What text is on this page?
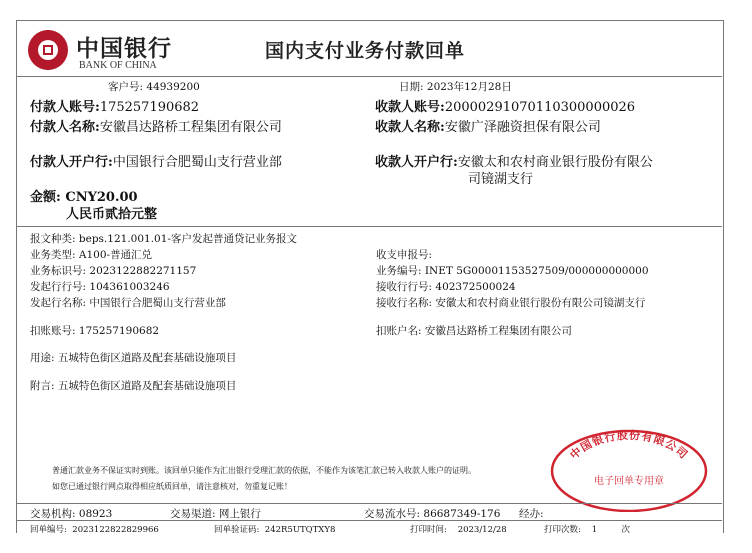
中国银行
BANK OF CHINA
国内支付业务付款回单
客户号: 44939200	日期: 2023年12月28日
付款人账号:175257190682
付款人名称:安徽昌达路桥工程集团有限公司
付款人开户行:中国银行合肥蜀山支行营业部
收款人账号:20000291070110300000026
收款人名称:安徽广泽融资担保有限公司
收款人开户行:安徽太和农村商业银行股份有限公
司镜湖支行
金额: CNY20.00
人民币贰拾元整
报文种类: beps.121.001.01-客户发起普通贷记业务报文
业务类型: A100-普通汇兑
业务标识号: 2023122882271157
发起行行号: 104361003246
发起行名称: 中国银行合肥蜀山支行营业部
收支申报号:
业务编号: INET 5G00001153527509/000000000000
接收行行号: 402372500024
接收行名称: 安徽太和农村商业银行股份有限公司镜湖支行
扣账账号: 175257190682	扣账户名: 安徽昌达路桥工程集团有限公司
用途: 五城特色街区道路及配套基础设施项目
附言: 五城特色街区道路及配套基础设施项目
普通汇款业务不保证实时到账。该回单只能作为汇出银行受理汇款的依据，不能作为该笔汇款已转入收款人账户的证明。
如您已通过银行网点取得相应纸质回单，请注意核对，勿重复记账！
中国银行股份有限公司
电子回单专用章
交易机构: 08923	交易渠道: 网上银行	交易流水号: 86687349-176 经办:
回单编号: 2023122822829966	回单验证码: 242R5UTQTXY8	打印时间: 2023/12/28	打印次数: 1	次
